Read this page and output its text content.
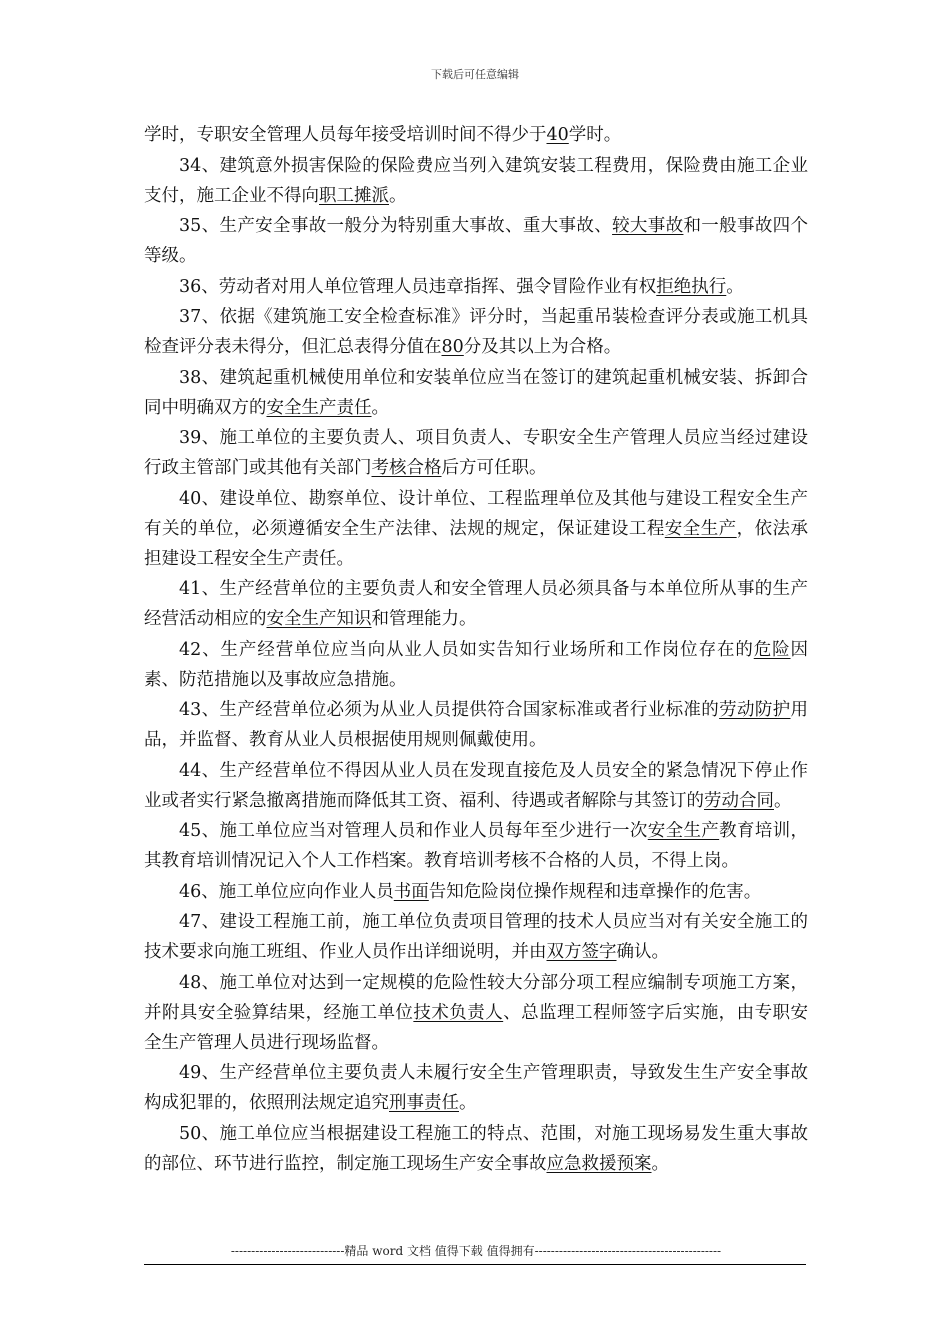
下载后可任意编辑

学时，专职安全管理人员每年接受培训时间不得少于40学时。

34、建筑意外损害保险的保险费应当列入建筑安装工程费用，保险费由施工企业支付，施工企业不得向职工摊派。

35、生产安全事故一般分为特别重大事故、重大事故、较大事故和一般事故四个等级。

36、劳动者对用人单位管理人员违章指挥、强令冒险作业有权拒绝执行。

37、依据《建筑施工安全检查标准》评分时，当起重吊装检查评分表或施工机具检查评分表未得分，但汇总表得分值在80分及其以上为合格。

38、建筑起重机械使用单位和安装单位应当在签订的建筑起重机械安装、拆卸合同中明确双方的安全生产责任。

39、施工单位的主要负责人、项目负责人、专职安全生产管理人员应当经过建设行政主管部门或其他有关部门考核合格后方可任职。

40、建设单位、勘察单位、设计单位、工程监理单位及其他与建设工程安全生产有关的单位，必须遵循安全生产法律、法规的规定，保证建设工程安全生产，依法承担建设工程安全生产责任。

41、生产经营单位的主要负责人和安全管理人员必须具备与本单位所从事的生产经营活动相应的安全生产知识和管理能力。

42、生产经营单位应当向从业人员如实告知行业场所和工作岗位存在的危险因素、防范措施以及事故应急措施。

43、生产经营单位必须为从业人员提供符合国家标准或者行业标准的劳动防护用品，并监督、教育从业人员根据使用规则佩戴使用。

44、生产经营单位不得因从业人员在发现直接危及人员安全的紧急情况下停止作业或者实行紧急撤离措施而降低其工资、福利、待遇或者解除与其签订的劳动合同。

45、施工单位应当对管理人员和作业人员每年至少进行一次安全生产教育培训，其教育培训情况记入个人工作档案。教育培训考核不合格的人员，不得上岗。

46、施工单位应向作业人员书面告知危险岗位操作规程和违章操作的危害。

47、建设工程施工前，施工单位负责项目管理的技术人员应当对有关安全施工的技术要求向施工班组、作业人员作出详细说明，并由双方签字确认。

48、施工单位对达到一定规模的危险性较大分部分项工程应编制专项施工方案，并附具安全验算结果，经施工单位技术负责人、总监理工程师签字后实施，由专职安全生产管理人员进行现场监督。

49、生产经营单位主要负责人未履行安全生产管理职责，导致发生生产安全事故构成犯罪的，依照刑法规定追究刑事责任。

50、施工单位应当根据建设工程施工的特点、范围，对施工现场易发生重大事故的部位、环节进行监控，制定施工现场生产安全事故应急救援预案。

----------------------------精品 word 文档 值得下载 值得拥有----------------------------------------------
